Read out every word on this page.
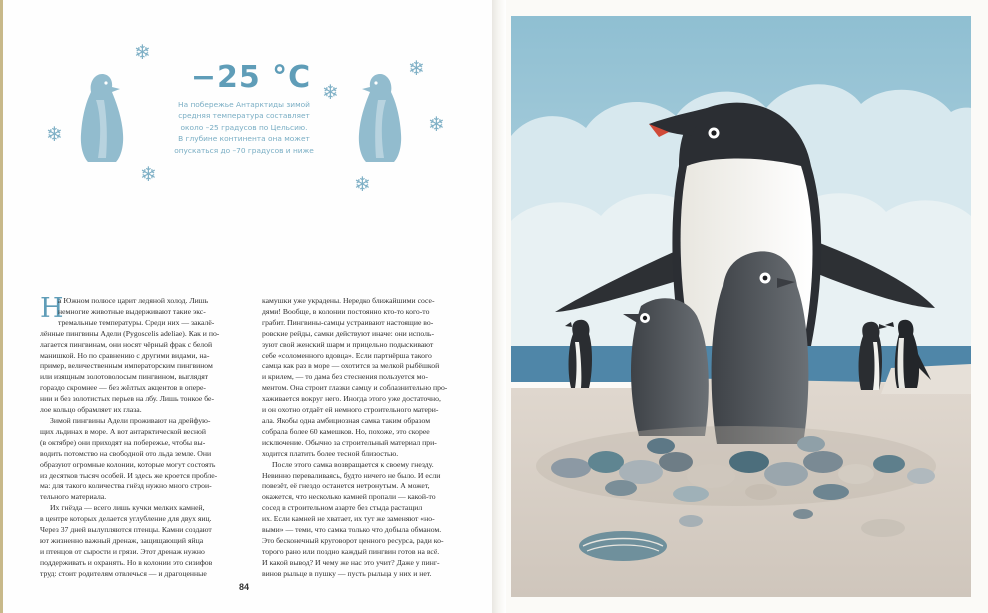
❄
❄
❄
❄
❄
❄
❄
−25 °C
На побережье Антарктиды зимой
средняя температура составляет
около –25 градусов по Цельсию.
В глубине континента она может
опускаться до –70 градусов и ниже
Н
а Южном полюсе царит ледяной холод. Лишь
немногие животные выдерживают такие экс-
тремальные температуры. Среди них — закалё-
лённые пингвины Адели (Pygoscelis adeliae). Как и по-
лагается пингвинам, они носят чёрный фрак с белой
манишкой. Но по сравнению с другими видами, на-
пример, величественным императорским пингвином
или изящным золотоволосым пингвином, выглядят
гораздо скромнее — без жёлтых акцентов в опере-
нии и без золотистых перьев на лбу. Лишь тонкое бе-
лое кольцо обрамляет их глаза.
Зимой пингвины Адели проживают на дрейфую-
щих льдинах в море. А вот антарктической весной
(в октябре) они приходят на побережье, чтобы вы-
водить потомство на свободной ото льда земле. Они
образуют огромные колонии, которые могут состоять
из десятков тысяч особей. И здесь же кроется пробле-
ма: для такого количества гнёзд нужно много строи-
тельного материала.
Их гнёзда — всего лишь кучки мелких камней,
в центре которых делается углубление для двух яиц.
Через 37 дней вылупляются птенцы. Камни создают
ют жизненно важный дренаж, защищающий яйца
и птенцов от сырости и грязи. Этот дренаж нужно
поддерживать и охранять. Но в колонии это сизифов
труд: стоит родителям отвлечься — и драгоценные
камушки уже украдены. Нередко ближайшими сосе-
дями! Вообще, в колонии постоянно кто-то кого-то
грабит. Пингвины-самцы устраивают настоящие во-
ровские рейды, самки действуют иначе: они исполь-
зуют свой женский шарм и прицельно подыскивают
себе «соломенного вдовца». Если партнёрша такого
самца как раз в море — охотится за мелкой рыбёшкой
и крилем, — то дама без стеснения пользуется мо-
ментом. Она строит глазки самцу и соблазнительно про-
хаживается вокруг него. Иногда этого уже достаточно,
и он охотно отдаёт ей немного строительного матери-
ала. Якобы одна амбициозная самка таким образом
собрала более 60 камешков. Но, похоже, это скорее
исключение. Обычно за строительный материал при-
ходится платить более тесной близостью.
После этого самка возвращается к своему гнезду.
Невинно переваливаясь, будто ничего не было. И если
повезёт, её гнездо останется нетронутым. А может,
окажется, что несколько камней пропали — какой-то
сосед в строительном азарте без стыда растащил
их. Если камней не хватает, их тут же заменяют «но-
выми» — теми, что самка только что добыла обманом.
Это бесконечный круговорот ценного ресурса, ради ко-
торого рано или поздно каждый пингвин готов на всё.
И какой вывод? И чему же нас это учит? Даже у пинг-
винов рыльце в пушку — пусть рыльца у них и нет.
84
